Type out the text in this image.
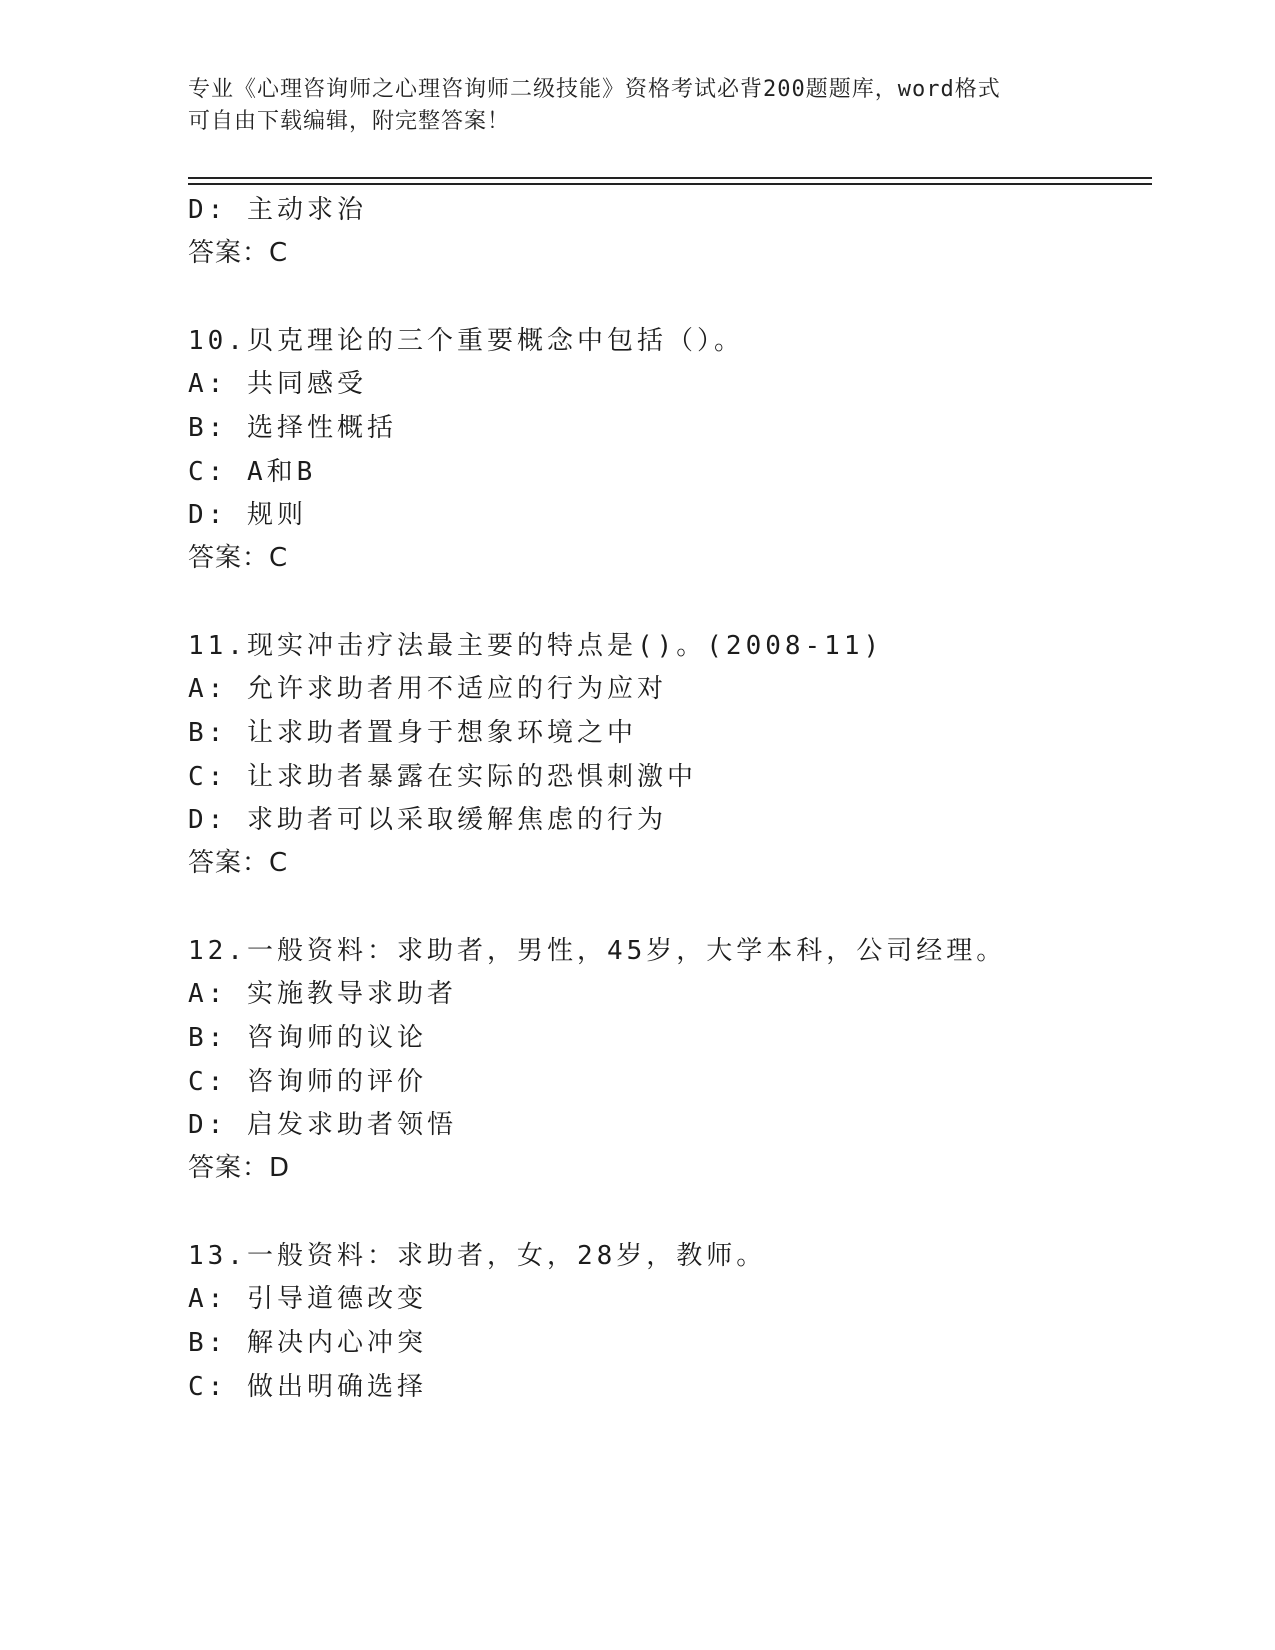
专业《心理咨询师之心理咨询师二级技能》资格考试必背200题题库，word格式
可自由下载编辑，附完整答案！
D: 主动求治
答案：C
10.贝克理论的三个重要概念中包括（）。
A: 共同感受
B: 选择性概括
C: A和B
D: 规则
答案：C
11.现实冲击疗法最主要的特点是()。(2008-11)
A: 允许求助者用不适应的行为应对
B: 让求助者置身于想象环境之中
C: 让求助者暴露在实际的恐惧刺激中
D: 求助者可以采取缓解焦虑的行为
答案：C
12.一般资料：求助者，男性，45岁，大学本科，公司经理。
A: 实施教导求助者
B: 咨询师的议论
C: 咨询师的评价
D: 启发求助者领悟
答案：D
13.一般资料：求助者，女，28岁，教师。
A: 引导道德改变
B: 解决内心冲突
C: 做出明确选择
